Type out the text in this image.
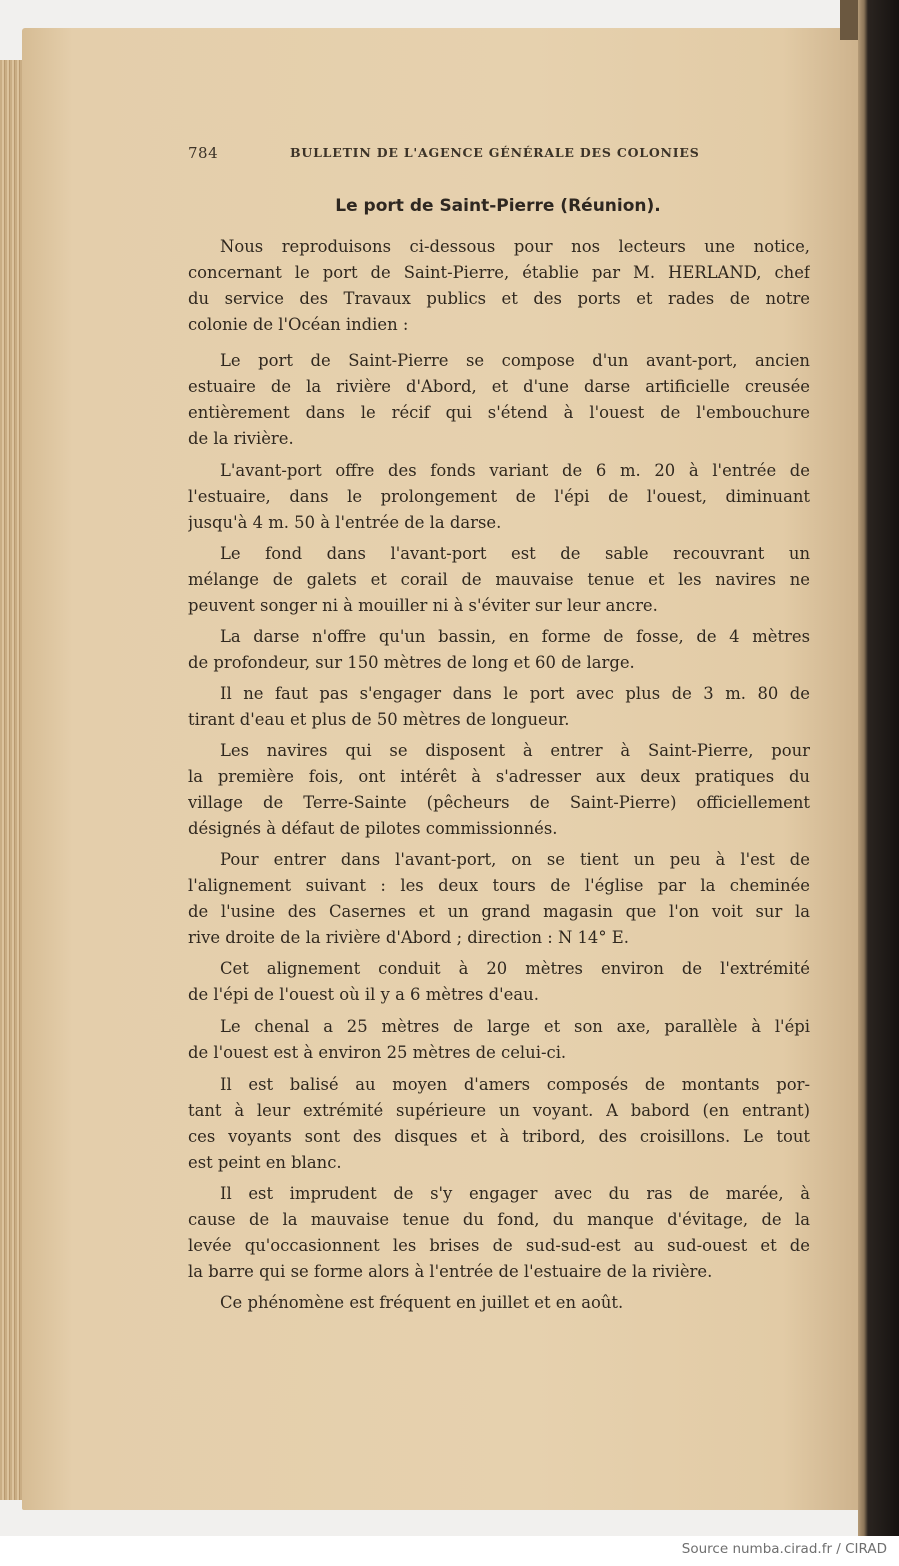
784	BULLETIN DE L'AGENCE GÉNÉRALE DES COLONIES
Le port de Saint-Pierre (Réunion).
Nous reproduisons ci-dessous pour nos lecteurs une notice,
concernant le port de Saint-Pierre, établie par M. HERLAND, chef
du service des Travaux publics et des ports et rades de notre
colonie de l'Océan indien :
Le port de Saint-Pierre se compose d'un avant-port, ancien
estuaire de la rivière d'Abord, et d'une darse artificielle creusée
entièrement dans le récif qui s'étend à l'ouest de l'embouchure
de la rivière.
L'avant-port offre des fonds variant de 6 m. 20 à l'entrée de
l'estuaire, dans le prolongement de l'épi de l'ouest, diminuant
jusqu'à 4 m. 50 à l'entrée de la darse.
Le fond dans l'avant-port est de sable recouvrant un
mélange de galets et corail de mauvaise tenue et les navires ne
peuvent songer ni à mouiller ni à s'éviter sur leur ancre.
La darse n'offre qu'un bassin, en forme de fosse, de 4 mètres
de profondeur, sur 150 mètres de long et 60 de large.
Il ne faut pas s'engager dans le port avec plus de 3 m. 80 de
tirant d'eau et plus de 50 mètres de longueur.
Les navires qui se disposent à entrer à Saint-Pierre, pour
la première fois, ont intérêt à s'adresser aux deux pratiques du
village de Terre-Sainte (pêcheurs de Saint-Pierre) officiellement
désignés à défaut de pilotes commissionnés.
Pour entrer dans l'avant-port, on se tient un peu à l'est de
l'alignement suivant : les deux tours de l'église par la cheminée
de l'usine des Casernes et un grand magasin que l'on voit sur la
rive droite de la rivière d'Abord ; direction : N 14° E.
Cet alignement conduit à 20 mètres environ de l'extrémité
de l'épi de l'ouest où il y a 6 mètres d'eau.
Le chenal a 25 mètres de large et son axe, parallèle à l'épi
de l'ouest est à environ 25 mètres de celui-ci.
Il est balisé au moyen d'amers composés de montants por-
tant à leur extrémité supérieure un voyant. A babord (en entrant)
ces voyants sont des disques et à tribord, des croisillons. Le tout
est peint en blanc.
Il est imprudent de s'y engager avec du ras de marée, à
cause de la mauvaise tenue du fond, du manque d'évitage, de la
levée qu'occasionnent les brises de sud-sud-est au sud-ouest et de
la barre qui se forme alors à l'entrée de l'estuaire de la rivière.
Ce phénomène est fréquent en juillet et en août.
Source numba.cirad.fr / CIRAD
